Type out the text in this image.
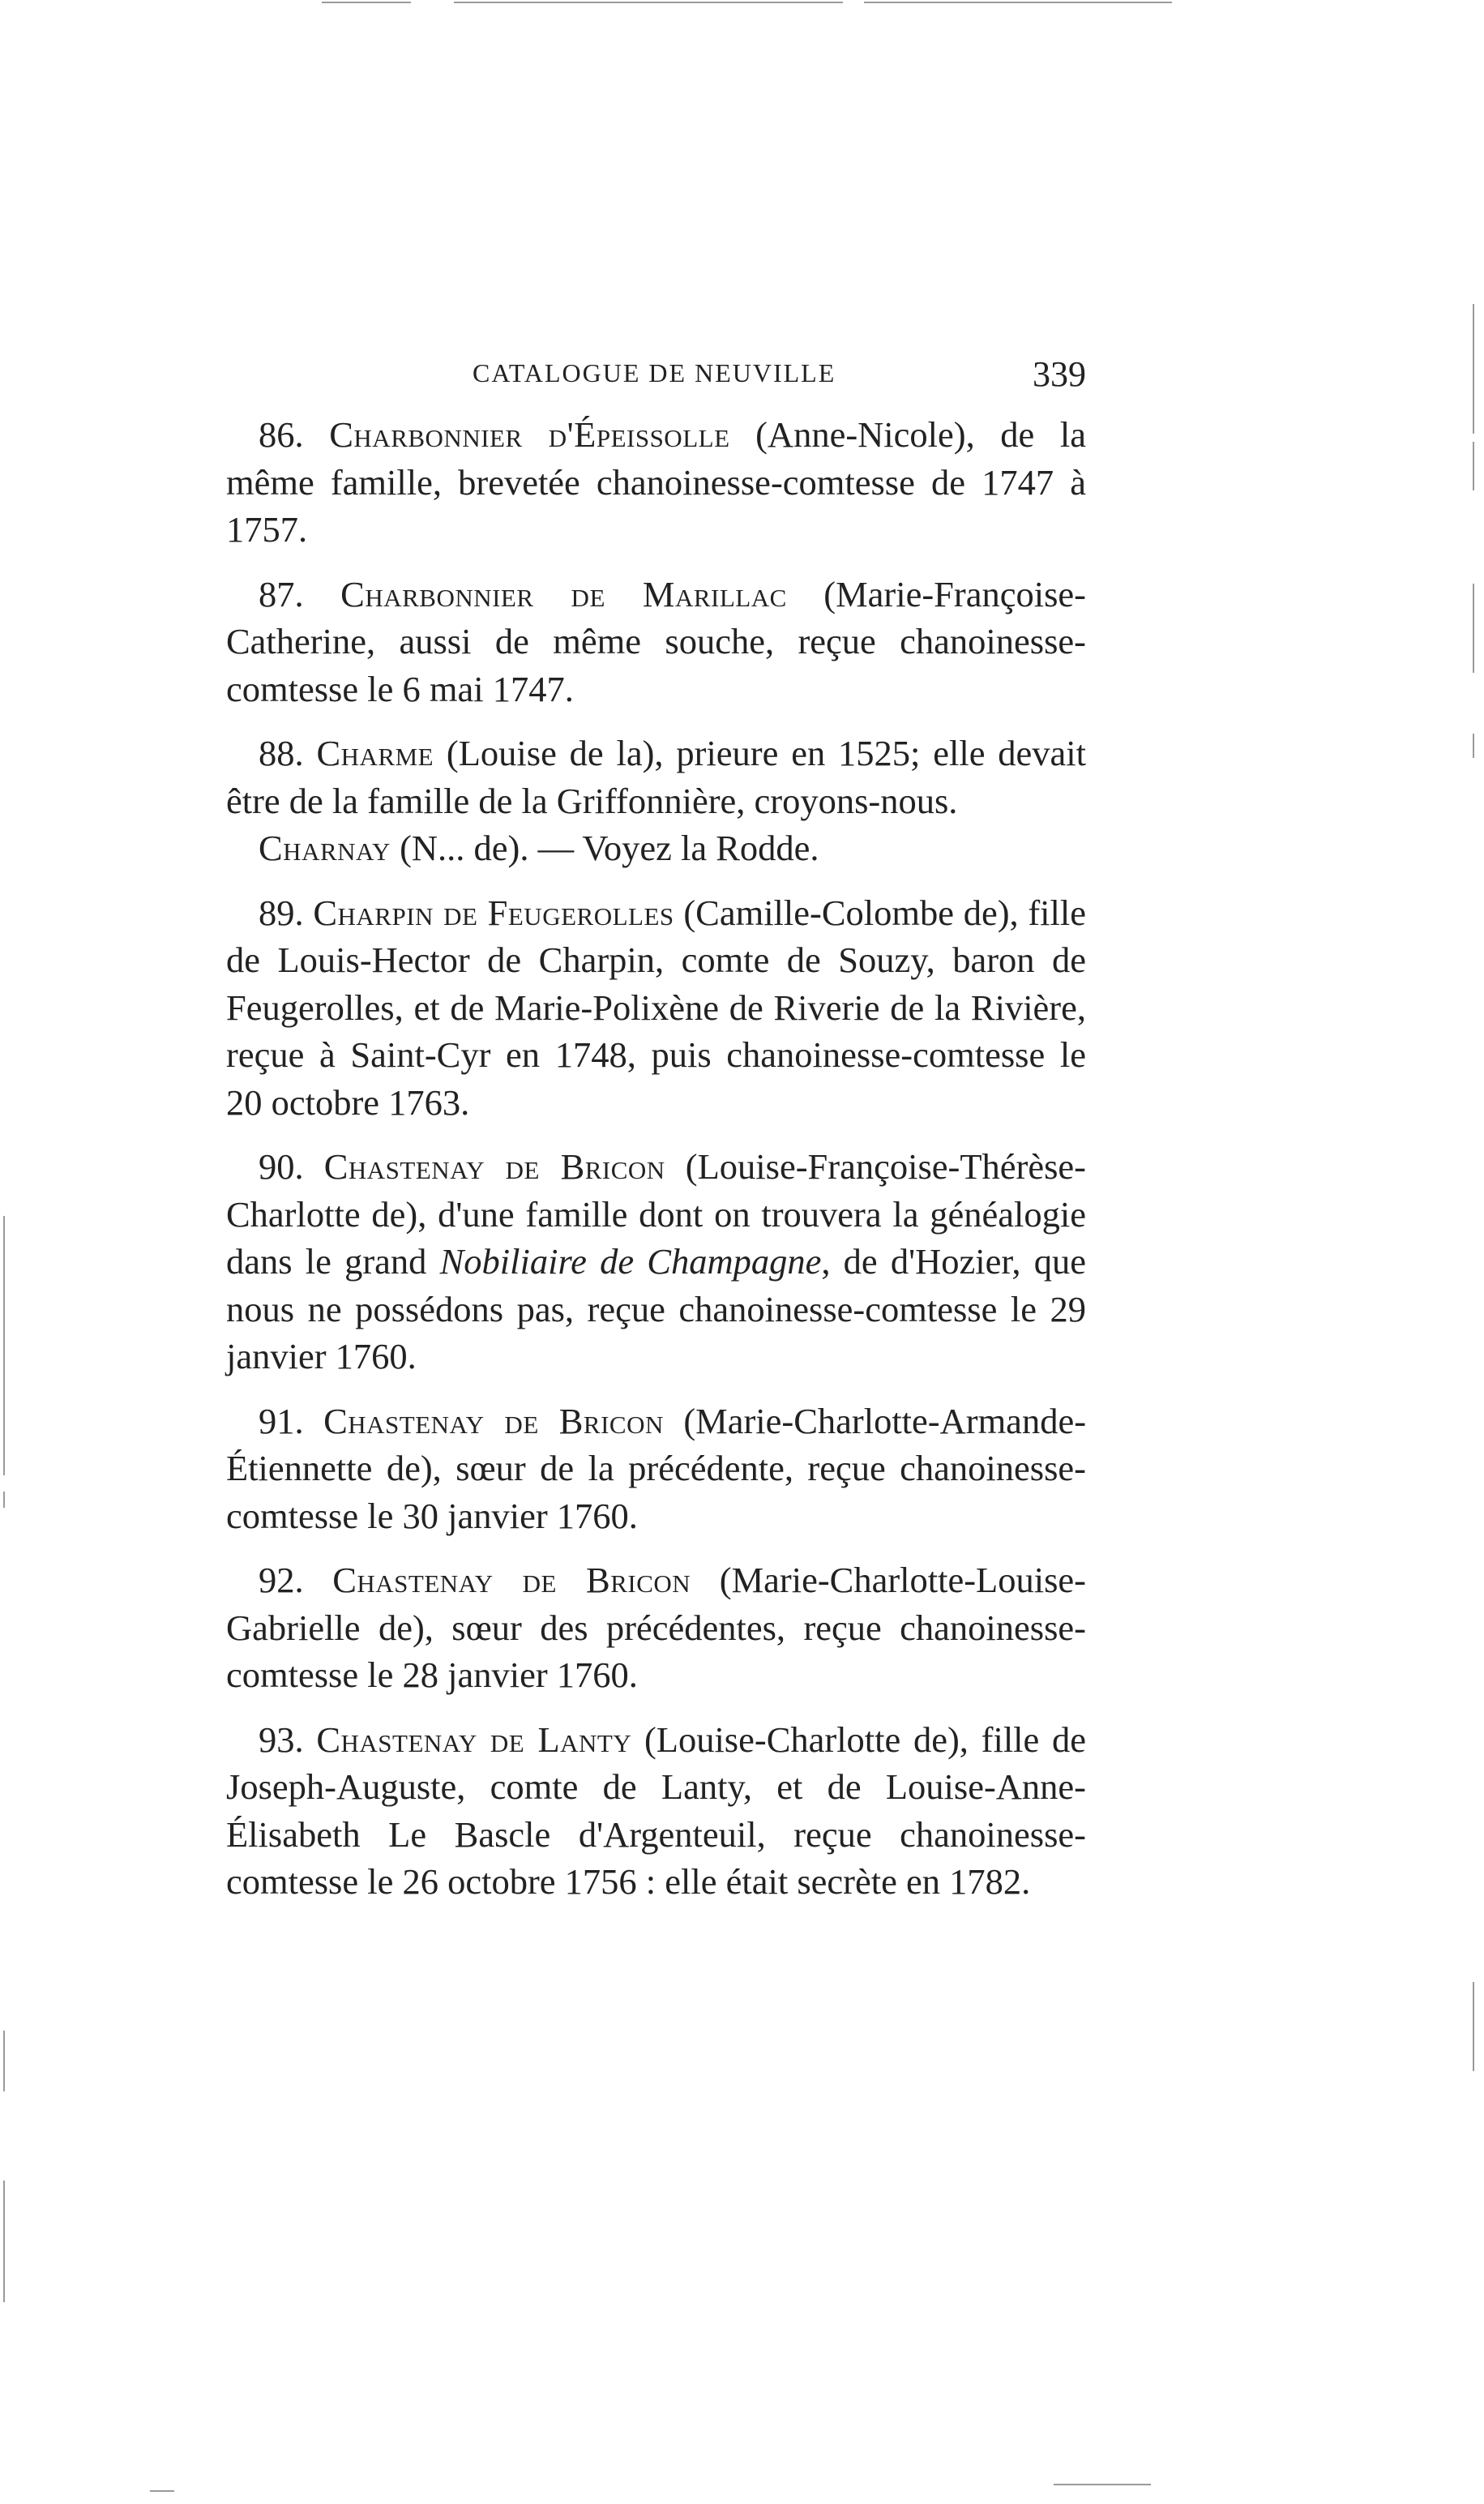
CATALOGUE DE NEUVILLE	339

86. Charbonnier d'Épeissolle (Anne-Nicole), de la même famille, brevetée chanoinesse-comtesse de 1747 à 1757.

87. Charbonnier de Marillac (Marie-Françoise-Catherine, aussi de même souche, reçue chanoinesse-comtesse le 6 mai 1747.

88. Charme (Louise de la), prieure en 1525; elle devait être de la famille de la Griffonnière, croyons-nous.

Charnay (N... de). — Voyez la Rodde.

89. Charpin de Feugerolles (Camille-Colombe de), fille de Louis-Hector de Charpin, comte de Souzy, baron de Feugerolles, et de Marie-Polixène de Riverie de la Rivière, reçue à Saint-Cyr en 1748, puis chanoinesse-comtesse le 20 octobre 1763.

90. Chastenay de Bricon (Louise-Françoise-Thérèse-Charlotte de), d'une famille dont on trouvera la généalogie dans le grand Nobiliaire de Champagne, de d'Hozier, que nous ne possédons pas, reçue chanoinesse-comtesse le 29 janvier 1760.

91. Chastenay de Bricon (Marie-Charlotte-Armande-Étiennette de), sœur de la précédente, reçue chanoinesse-comtesse le 30 janvier 1760.

92. Chastenay de Bricon (Marie-Charlotte-Louise-Gabrielle de), sœur des précédentes, reçue chanoinesse-comtesse le 28 janvier 1760.

93. Chastenay de Lanty (Louise-Charlotte de), fille de Joseph-Auguste, comte de Lanty, et de Louise-Anne-Élisabeth Le Bascle d'Argenteuil, reçue chanoinesse-comtesse le 26 octobre 1756 : elle était secrète en 1782.
